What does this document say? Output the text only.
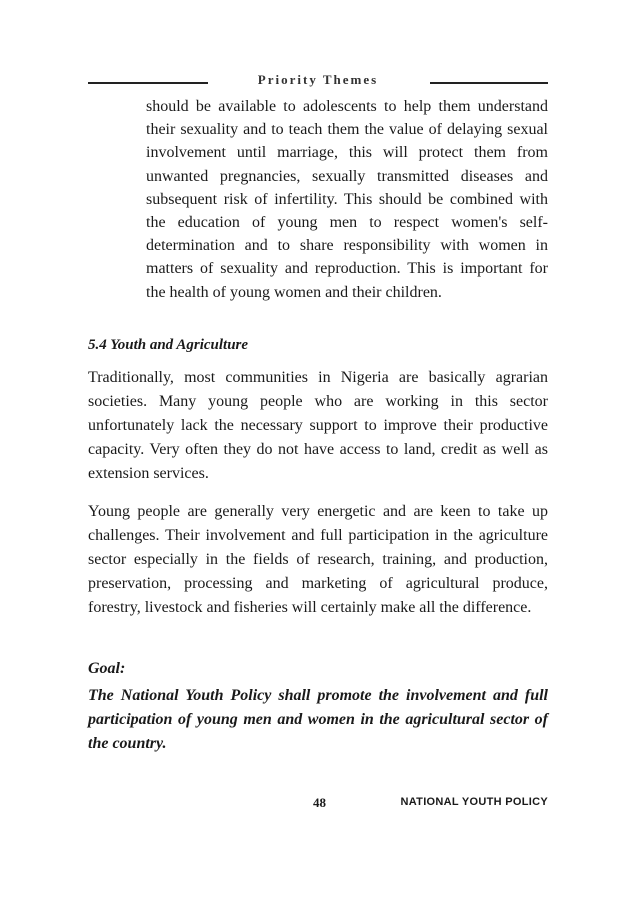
Priority Themes

should be available to adolescents to help them understand their sexuality and to teach them the value of delaying sexual involvement until marriage, this will protect them from unwanted pregnancies, sexually transmitted diseases and subsequent risk of infertility. This should be combined with the education of young men to respect women's self-determination and to share responsibility with women in matters of sexuality and reproduction. This is important for the health of young women and their children.

5.4 Youth and Agriculture

Traditionally, most communities in Nigeria are basically agrarian societies. Many young people who are working in this sector unfortunately lack the necessary support to improve their productive capacity. Very often they do not have access to land, credit as well as extension services.

Young people are generally very energetic and are keen to take up challenges. Their involvement and full participation in the agriculture sector especially in the fields of research, training, and production, preservation, processing and marketing of agricultural produce, forestry, livestock and fisheries will certainly make all the difference.

Goal:

The National Youth Policy shall promote the involvement and full participation of young men and women in the agricultural sector of the country.

48	NATIONAL YOUTH POLICY
